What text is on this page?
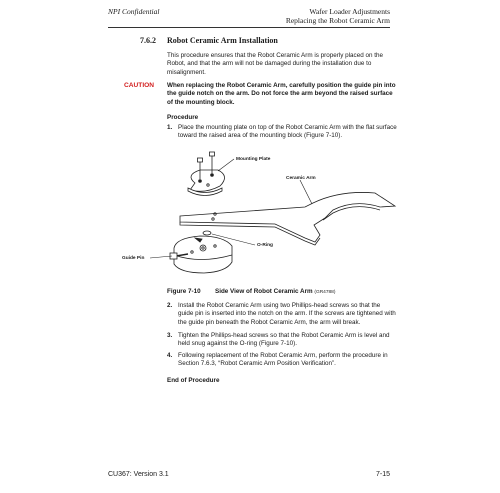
NPI Confidential	Wafer Loader Adjustments
Replacing the Robot Ceramic Arm
7.6.2 Robot Ceramic Arm Installation
This procedure ensures that the Robot Ceramic Arm is properly placed on the Robot, and that the arm will not be damaged during the installation due to misalignment.
CAUTION When replacing the Robot Ceramic Arm, carefully position the guide pin into the guide notch on the arm. Do not force the arm beyond the raised surface of the mounting block.
Procedure
1. Place the mounting plate on top of the Robot Ceramic Arm with the flat surface toward the raised area of the mounting block (Figure 7-10).
Mounting Plate
Ceramic Arm
O-Ring
Guide Pin
Figure 7-10 Side View of Robot Ceramic Arm (GR4788)
2. Install the Robot Ceramic Arm using two Phillips-head screws so that the guide pin is inserted into the notch on the arm. If the screws are tightened with the guide pin beneath the Robot Ceramic Arm, the arm will break.
3. Tighten the Phillips-head screws so that the Robot Ceramic Arm is level and held snug against the O-ring (Figure 7-10).
4. Following replacement of the Robot Ceramic Arm, perform the procedure in Section 7.6.3, “Robot Ceramic Arm Position Verification”.
End of Procedure
CU367: Version 3.1	7-15
